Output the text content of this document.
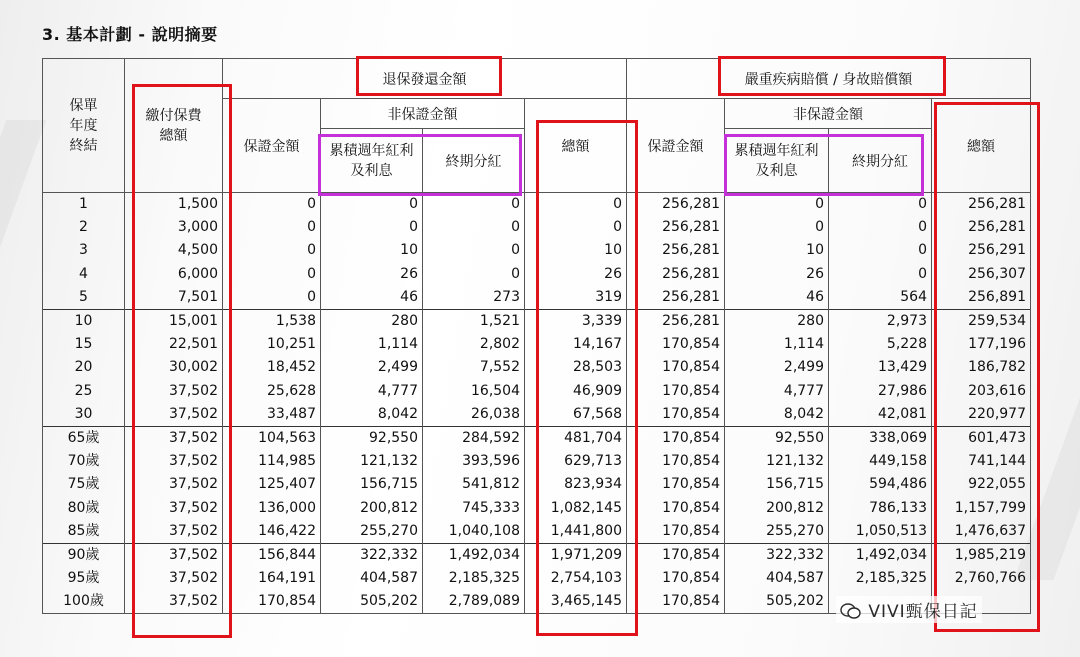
3. 基本計劃 - 說明摘要
保單年度終結	繳付保費總額	退保發還金額				嚴重疾病賠償 / 身故賠償額			
		保證金額	非保證金額		總額	保證金額	非保證金額		總額

			累積週年紅利及利息	終期分紅			累積週年紅利及利息	終期分紅	
1	1,500	0	0	0	0	256,281	0	0	256,281
2	3,000	0	0	0	0	256,281	0	0	256,281
3	4,500	0	10	0	10	256,281	10	0	256,291
4	6,000	0	26	0	26	256,281	26	0	256,307
5	7,501	0	46	273	319	256,281	46	564	256,891
10	15,001	1,538	280	1,521	3,339	256,281	280	2,973	259,534
15	22,501	10,251	1,114	2,802	14,167	170,854	1,114	5,228	177,196
20	30,002	18,452	2,499	7,552	28,503	170,854	2,499	13,429	186,782
25	37,502	25,628	4,777	16,504	46,909	170,854	4,777	27,986	203,616
30	37,502	33,487	8,042	26,038	67,568	170,854	8,042	42,081	220,977
65歲	37,502	104,563	92,550	284,592	481,704	170,854	92,550	338,069	601,473
70歲	37,502	114,985	121,132	393,596	629,713	170,854	121,132	449,158	741,144
75歲	37,502	125,407	156,715	541,812	823,934	170,854	156,715	594,486	922,055
80歲	37,502	136,000	200,812	745,333	1,082,145	170,854	200,812	786,133	1,157,799
85歲	37,502	146,422	255,270	1,040,108	1,441,800	170,854	255,270	1,050,513	1,476,637
90歲	37,502	156,844	322,332	1,492,034	1,971,209	170,854	322,332	1,492,034	1,985,219
95歲	37,502	164,191	404,587	2,185,325	2,754,103	170,854	404,587	2,185,325	2,760,766
100歲	37,502	170,854	505,202	2,789,089	3,465,145	170,854	505,202		
VIVI甄保日記
